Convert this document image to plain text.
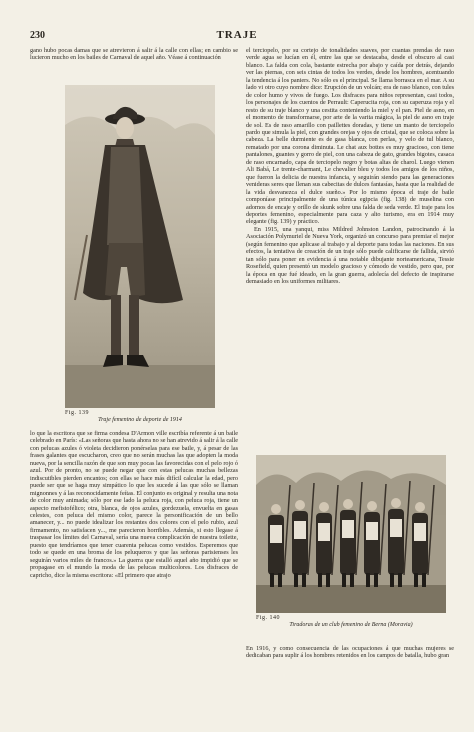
230	TRAJE

gano hubo pocas damas que se atrevieron á salir á la calle con ellas; en cambio se lucieron mucho en los bailes de Carnaval de aquel año. Véase á continuación

Fig. 139
Traje femenino de deporte de 1914

lo que la escritora que se firma condesa D'Armon ville escribía referente á un baile celebrado en París: «Las señoras que hasta ahora no se han atrevido á salir á la calle con pelucas azules ó violeta decidieron ponérselas para ese baile, y, á pesar de las frases galantes que escucharon, creo que no serán muchas las que adopten la moda nueva, por la sencilla razón de que son muy pocas las favorecidas con el pelo rojo ó azul. Por de pronto, no se puede negar que con estas pelucas muchas bellezas indiscutibles pierden encantos; con ellas se hace más difícil calcular la edad, pero puede ser que se haga muy simpático lo que les sucede á las que sólo se llaman mignonnes y á las reconocidamente feítas. El conjunto es original y resulta una nota de color muy animada; sólo por ese lado la peluca roja, con peluca roja, tiene un aspecto mefistofélico; otra, blanca, de ojos azules, gordezuela, envuelta en gasas celestes, con peluca del mismo color, parece la personificación de un bello amanecer, y... no puede idealizar los restantes dos colores con el pelo rubio, azul firmamento, no satisfacen y..., me parecieron horribles. Además, si esto llegase á traspasar los límites del Carnaval, sería una nueva complicación de nuestra toilette, puesto que tendríamos que tener cuarenta pelucas como vestidos. Esperemos que todo se quede en una broma de los peluqueros y que las señoras parisienses les seguirán varios miles de francos.» La guerra que estalló aquel año impidió que se propagase en el mundo la moda de las pelucas multicolores. Los disfraces de capricho, dice la misma escritora: «El primero que atrajo

el terciopelo, por su cortejo de tonalidades suaves, por cuantas prendas de raso verde agua se lucían en él, entre las que se destacaba, desde el obscuro al casi blanco. La falda con cola, bastante estrecha por abajo y caída por detrás, dejando ver las piernas, con seis cintas de todos los verdes, desde los hombres, acentuando la tendencia á los paniers. No sólo es el principal. Se llama borrasca en el mar. A su lado vi otro cuyo nombre dice: Erupción de un volcán; era de raso blanco, con tules de color humo y vivos de fuego. Los disfraces para niños representan, casi todos, los personajes de los cuentos de Perrault: Caperucita roja, con su caperuza roja y el resto de su traje blanco y una cestita conteniendo la miel y el pan. Piel de asno, en el momento de transformarse, por arte de la varita mágica, la piel de asno en traje de sol. Es de raso amarillo con paillettes doradas, y tiene un manto de terciopelo pardo que simula la piel, con grandes orejas y ojos de cristal, que se coloca sobre la cabeza. La belle durmiente es de gasa blanca, con perlas, y velo de tul blanco, rematado por una corona diminuta. Le chat aux bottes es muy gracioso, con tiene pantalones, guantes y gorro de piel, con una cabeza de gato, grandes bigotes, casaca de raso encarnado, capa de terciopelo negro y botas altas de charol. Luego vienen Ali Babá, Le trente-charmant, Le chevalier bleu y todos los amigos de los niños, que fueron la delicia de nuestra infancia, y seguirán siendo para las generaciones venideras seres que llenan sus cabecitas de dulces fantasías, hasta que la realidad de la vida desvanezca el dulce sueño.» Por lo mismo época el traje de baile componíase principalmente de una túnica egipcia (fig. 138) de muselina con adornos de encaje y orillo de skunk sobre una falda de seda verde. El traje para los deportes femenino, especialmente para caza y alto turismo, era en 1914 muy elegante (fig. 139) y práctico.

En 1915, una yanqui, miss Mildred Johnston Landon, patrocinando á la Asociación Polymuriel de Nueva York, organizó un concurso para premiar el mejor (según femenino que aplicase al trabajo y al deporte para todas las naciones. En sus efectos, la tentativa de creación de un traje sólo puede calificarse de fallida, sirvió tan sólo para poner en evidencia á una notable dibujante norteamericana, Tessie Rosefield, quien presentó un modelo gracioso y cómodo de vestido, pero que, por la época en que fué ideado, en la gran guerra, adolecía del defecto de inspirarse demasiado en los uniformes militares.

Fig. 140
Tiradoras de un club femenino de Berna (Moravia)

En 1916, y como consecuencia de las ocupaciones á que muchas mujeres se dedicaban para suplir á los hombres retenidos en los campos de batalla, hubo gran
